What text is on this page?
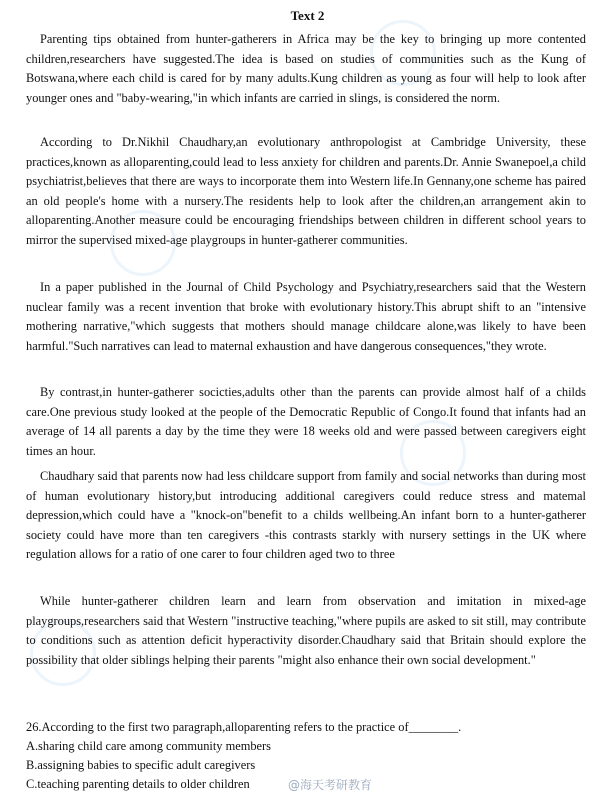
Text 2

Parenting tips obtained from hunter-gatherers in Africa may be the key to bringing up more contented children,researchers have suggested.The idea is based on studies of communities such as the Kung of Botswana,where each child is cared for by many adults.Kung children as young as four will help to look after younger ones and "baby-wearing,"in which infants are carried in slings, is considered the norm.

According to Dr.Nikhil Chaudhary,an evolutionary anthropologist at Cambridge University, these practices,known as alloparenting,could lead to less anxiety for children and parents.Dr. Annie Swanepoel,a child psychiatrist,believes that there are ways to incorporate them into Western life.In Gennany,one scheme has paired an old people's home with a nursery.The residents help to look after the children,an arrangement akin to alloparenting.Another measure could be encouraging friendships between children in different school years to mirror the supervised mixed-age playgroups in hunter-gatherer communities.

In a paper published in the Journal of Child Psychology and Psychiatry,researchers said that the Western nuclear family was a recent invention that broke with evolutionary history.This abrupt shift to an "intensive mothering narrative,"which suggests that mothers should manage childcare alone,was likely to have been harmful."Such narratives can lead to maternal exhaustion and have dangerous consequences,"they wrote.

By contrast,in hunter-gatherer socicties,adults other than the parents can provide almost half of a childs care.One previous study looked at the people of the Democratic Republic of Congo.It found that infants had an average of 14 all parents a day by the time they were 18 weeks old and were passed between caregivers eight times an hour.

Chaudhary said that parents now had less childcare support from family and social networks than during most of human evolutionary history,but introducing additional caregivers could reduce stress and matemal depression,which could have a "knock-on"benefit to a childs wellbeing.An infant born to a hunter-gatherer society could have more than ten caregivers -this contrasts starkly with nursery settings in the UK where regulation allows for a ratio of one carer to four children aged two to three

While hunter-gatherer children learn and learn from observation and imitation in mixed-age playgroups,researchers said that Western "instructive teaching,"where pupils are asked to sit still, may contribute to conditions such as attention deficit hyperactivity disorder.Chaudhary said that Britain should explore the possibility that older siblings helping their parents "might also enhance their own social development."

26.According to the first two paragraph,alloparenting refers to the practice of________.

A.sharing child care among community members

B.assigning babies to specific adult caregivers

C.teaching parenting details to older children	@海天考研教育
